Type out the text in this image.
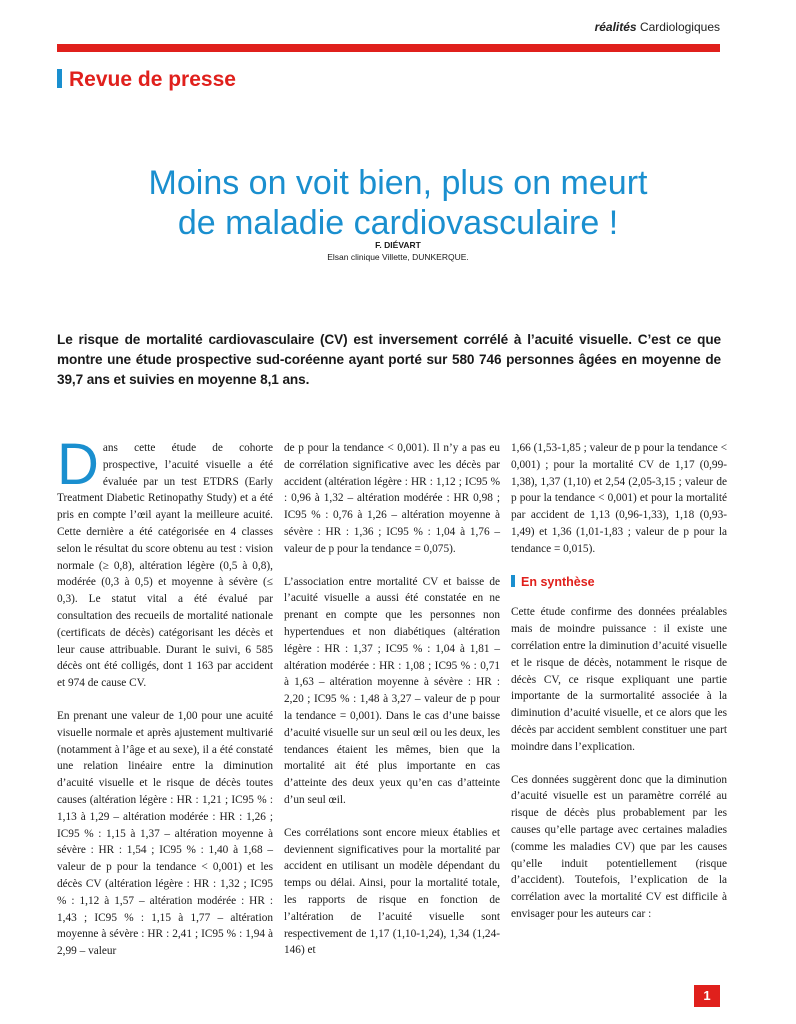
réalités Cardiologiques
Revue de presse
Moins on voit bien, plus on meurt
de maladie cardiovasculaire !
F. DIÉVART
Elsan clinique Villette, DUNKERQUE.
Le risque de mortalité cardiovasculaire (CV) est inversement corrélé à l’acuité visuelle. C’est ce que montre une étude prospective sud-coréenne ayant porté sur 580 746 personnes âgées en moyenne de 39,7 ans et suivies en moyenne 8,1 ans.

Dans cette étude de cohorte prospective, l’acuité visuelle a été évaluée par un test ETDRS (Early Treatment Diabetic Retinopathy Study) et a été pris en compte l’œil ayant la meilleure acuité. Cette dernière a été catégorisée en 4 classes selon le résultat du score obtenu au test : vision normale (≥ 0,8), altération légère (0,5 à 0,8), modérée (0,3 à 0,5) et moyenne à sévère (≤ 0,3). Le statut vital a été évalué par consultation des recueils de mortalité nationale (certificats de décès) catégorisant les décès et leur cause attribuable. Durant le suivi, 6 585 décès ont été colligés, dont 1 163 par accident et 974 de cause CV.

En prenant une valeur de 1,00 pour une acuité visuelle normale et après ajustement multivarié (notamment à l’âge et au sexe), il a été constaté une relation linéaire entre la diminution d’acuité visuelle et le risque de décès toutes causes (altération légère : HR : 1,21 ; IC95 % : 1,13 à 1,29 – altération modérée : HR : 1,26 ; IC95 % : 1,15 à 1,37 – altération moyenne à sévère : HR : 1,54 ; IC95 % : 1,40 à 1,68 – valeur de p pour la tendance < 0,001) et les décès CV (altération légère : HR : 1,32 ; IC95 % : 1,12 à 1,57 – altération modérée : HR : 1,43 ; IC95 % : 1,15 à 1,77 – altération moyenne à sévère : HR : 2,41 ; IC95 % : 1,94 à 2,99 – valeur

de p pour la tendance < 0,001). Il n’y a pas eu de corrélation significative avec les décès par accident (altération légère : HR : 1,12 ; IC95 % : 0,96 à 1,32 – altération modérée : HR 0,98 ; IC95 % : 0,76 à 1,26 – altération moyenne à sévère : HR : 1,36 ; IC95 % : 1,04 à 1,76 – valeur de p pour la tendance = 0,075).

L’association entre mortalité CV et baisse de l’acuité visuelle a aussi été constatée en ne prenant en compte que les personnes non hypertendues et non diabétiques (altération légère : HR : 1,37 ; IC95 % : 1,04 à 1,81 – altération modérée : HR : 1,08 ; IC95 % : 0,71 à 1,63 – altération moyenne à sévère : HR : 2,20 ; IC95 % : 1,48 à 3,27 – valeur de p pour la tendance = 0,001). Dans le cas d’une baisse d’acuité visuelle sur un seul œil ou les deux, les tendances étaient les mêmes, bien que la mortalité ait été plus importante en cas d’atteinte des deux yeux qu’en cas d’atteinte d’un seul œil.

Ces corrélations sont encore mieux établies et deviennent significatives pour la mortalité par accident en utilisant un modèle dépendant du temps ou délai. Ainsi, pour la mortalité totale, les rapports de risque en fonction de l’altération de l’acuité visuelle sont respectivement de 1,17 (1,10-1,24), 1,34 (1,24-146) et

1,66 (1,53-1,85 ; valeur de p pour la tendance < 0,001) ; pour la mortalité CV de 1,17 (0,99-1,38), 1,37 (1,10) et 2,54 (2,05-3,15 ; valeur de p pour la tendance < 0,001) et pour la mortalité par accident de 1,13 (0,96-1,33), 1,18 (0,93-1,49) et 1,36 (1,01-1,83 ; valeur de p pour la tendance = 0,015).

En synthèse

Cette étude confirme des données préalables mais de moindre puissance : il existe une corrélation entre la diminution d’acuité visuelle et le risque de décès, notamment le risque de décès CV, ce risque expliquant une partie importante de la surmortalité associée à la diminution d’acuité visuelle, et ce alors que les décès par accident semblent constituer une part moindre dans l’explication.

Ces données suggèrent donc que la diminution d’acuité visuelle est un paramètre corrélé au risque de décès plus probablement par les causes qu’elle partage avec certaines maladies (comme les maladies CV) que par les causes qu’elle induit potentiellement (risque d’accident). Toutefois, l’explication de la corrélation avec la mortalité CV est difficile à envisager pour les auteurs car :

1
